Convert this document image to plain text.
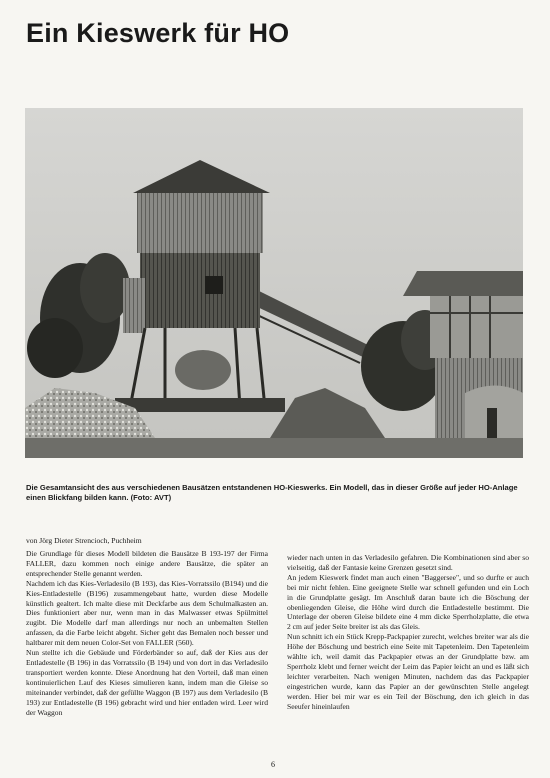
Ein Kieswerk für HO

Die Gesamtansicht des aus verschiedenen Bausätzen entstandenen HO-Kieswerks. Ein Modell, das in dieser Größe auf jeder HO-Anlage einen Blickfang bilden kann. (Foto: AVT)

von Jörg Dieter Strencioch, Puchheim

Die Grundlage für dieses Modell bildeten die Bausätze B 193-197 der Firma FALLER, dazu kommen noch einige andere Bausätze, die später an entsprechender Stelle genannt werden.

Nachdem ich das Kies-Verladesilo (B 193), das Kies-Vorratssilo (B194) und die Kies-Entladestelle (B196) zusammengebaut hatte, wurden diese Modelle künstlich gealtert. Ich malte diese mit Deckfarbe aus dem Schulmalkasten an. Dies funktioniert aber nur, wenn man in das Malwasser etwas Spülmittel zugibt. Die Modelle darf man allerdings nur noch an unbemalten Stellen anfassen, da die Farbe leicht abgeht. Sicher geht das Bemalen noch besser und haltbarer mit dem neuen Color-Set von FALLER (560).

Nun stellte ich die Gebäude und Förderbänder so auf, daß der Kies aus der Entladestelle (B 196) in das Vorratssilo (B 194) und von dort in das Verladesilo transportiert werden konnte. Diese Anordnung hat den Vorteil, daß man einen kontinuierlichen Lauf des Kieses simulieren kann, indem man die Gleise so miteinander verbindet, daß der gefüllte Waggon (B 197) aus dem Verladesilo (B 193) zur Entladestelle (B 196) gebracht wird und hier entladen wird. Leer wird der Waggon

wieder nach unten in das Verladesilo gefahren. Die Kombinationen sind aber so vielseitig, daß der Fantasie keine Grenzen gesetzt sind.

An jedem Kieswerk findet man auch einen "Baggersee", und so durfte er auch bei mir nicht fehlen. Eine geeignete Stelle war schnell gefunden und ein Loch in die Grundplatte gesägt. Im Anschluß daran baute ich die Böschung der obenliegenden Gleise, die Höhe wird durch die Entladestelle bestimmt. Die Unterlage der oberen Gleise bildete eine 4 mm dicke Sperrholzplatte, die etwa 2 cm auf jeder Seite breiter ist als das Gleis.

Nun schnitt ich ein Stück Krepp-Packpapier zurecht, welches breiter war als die Höhe der Böschung und bestrich eine Seite mit Tapetenleim. Den Tapetenleim wählte ich, weil damit das Packpapier etwas an der Grundplatte bzw. am Sperrholz klebt und ferner weicht der Leim das Papier leicht an und es läßt sich leichter verarbeiten. Nach wenigen Minuten, nachdem das das Packpapier eingestrichen wurde, kann das Papier an der gewünschten Stelle angelegt werden. Hier bei mir war es ein Teil der Böschung, den ich gleich in das Seeufer hineinlaufen

6
